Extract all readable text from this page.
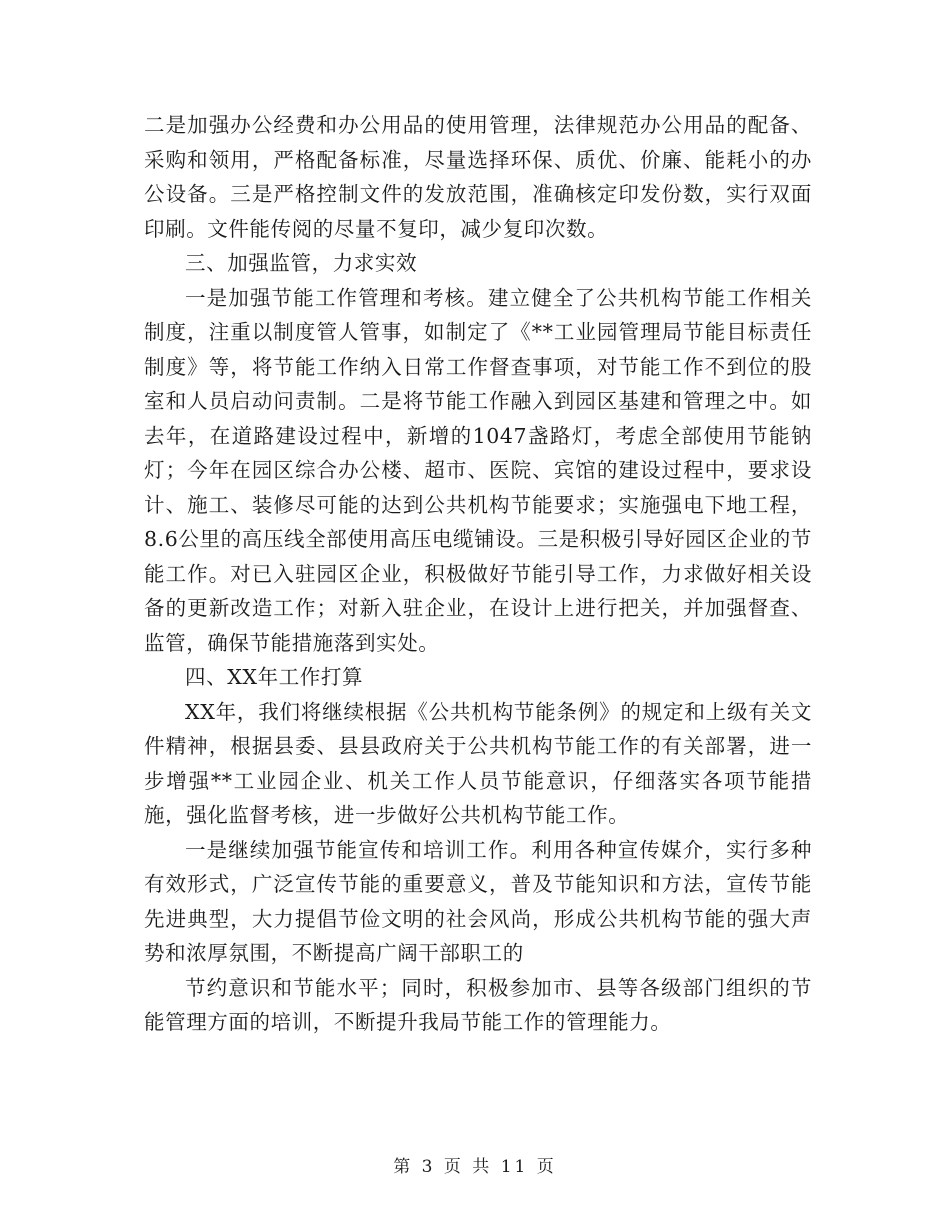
二是加强办公经费和办公用品的使用管理，法律规范办公用品的配备、采购和领用，严格配备标准，尽量选择环保、质优、价廉、能耗小的办公设备。三是严格控制文件的发放范围，准确核定印发份数，实行双面印刷。文件能传阅的尽量不复印，减少复印次数。

三、加强监管，力求实效

一是加强节能工作管理和考核。建立健全了公共机构节能工作相关制度，注重以制度管人管事，如制定了《**工业园管理局节能目标责任制度》等，将节能工作纳入日常工作督查事项，对节能工作不到位的股室和人员启动问责制。二是将节能工作融入到园区基建和管理之中。如去年，在道路建设过程中，新增的1047盏路灯，考虑全部使用节能钠灯；今年在园区综合办公楼、超市、医院、宾馆的建设过程中，要求设计、施工、装修尽可能的达到公共机构节能要求；实施强电下地工程，8.6公里的高压线全部使用高压电缆铺设。三是积极引导好园区企业的节能工作。对已入驻园区企业，积极做好节能引导工作，力求做好相关设备的更新改造工作；对新入驻企业，在设计上进行把关，并加强督查、监管，确保节能措施落到实处。

四、XX年工作打算

XX年，我们将继续根据《公共机构节能条例》的规定和上级有关文件精神，根据县委、县县政府关于公共机构节能工作的有关部署，进一步增强**工业园企业、机关工作人员节能意识，仔细落实各项节能措施，强化监督考核，进一步做好公共机构节能工作。

一是继续加强节能宣传和培训工作。利用各种宣传媒介，实行多种有效形式，广泛宣传节能的重要意义，普及节能知识和方法，宣传节能先进典型，大力提倡节俭文明的社会风尚，形成公共机构节能的强大声势和浓厚氛围，不断提高广阔干部职工的

节约意识和节能水平；同时，积极参加市、县等各级部门组织的节能管理方面的培训，不断提升我局节能工作的管理能力。

第 3 页 共 11 页
